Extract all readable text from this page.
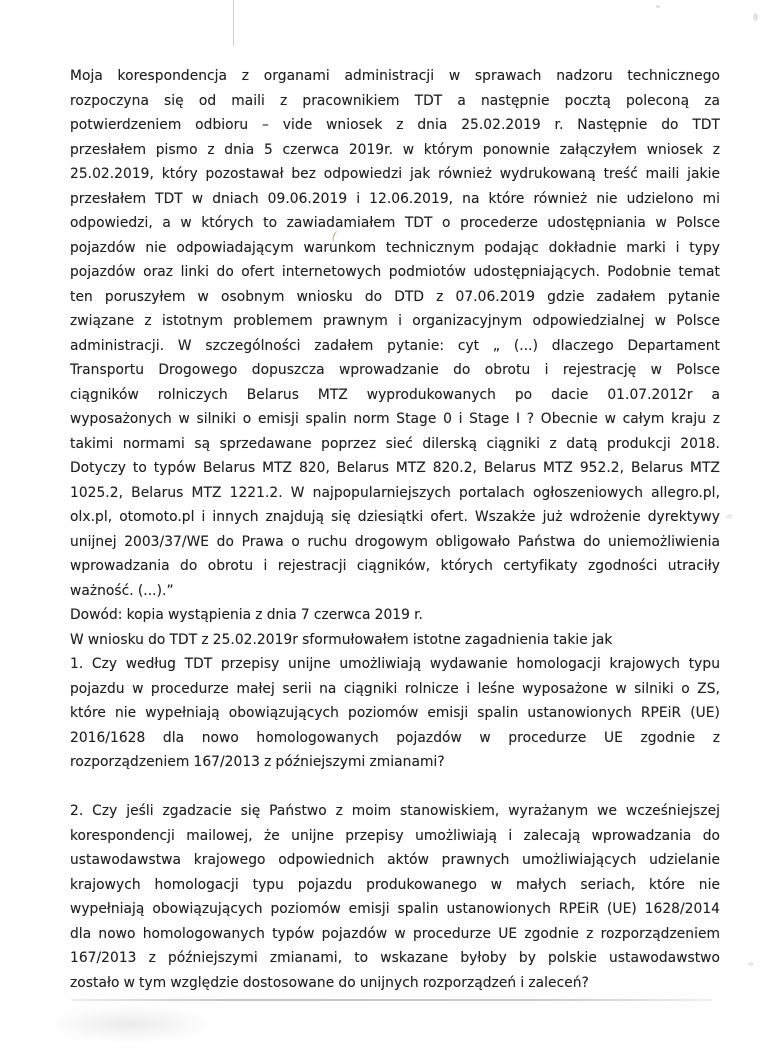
Moja korespondencja z organami administracji w sprawach nadzoru technicznego
rozpoczyna się od maili z pracownikiem TDT a następnie pocztą poleconą za
potwierdzeniem odbioru – vide wniosek z dnia 25.02.2019 r. Następnie do TDT
przesłałem pismo z dnia 5 czerwca 2019r. w którym ponownie załączyłem wniosek z
25.02.2019, który pozostawał bez odpowiedzi jak również wydrukowaną treść maili jakie
przesłałem TDT w dniach 09.06.2019 i 12.06.2019, na które również nie udzielono mi
odpowiedzi, a w których to zawiadamiałem TDT o procederze udostępniania w Polsce
pojazdów nie odpowiadającym warunkom technicznym podając dokładnie marki i typy
pojazdów oraz linki do ofert internetowych podmiotów udostępniających. Podobnie temat
ten poruszyłem w osobnym wniosku do DTD z 07.06.2019 gdzie zadałem pytanie
związane z istotnym problemem prawnym i organizacyjnym odpowiedzialnej w Polsce
administracji. W szczególności zadałem pytanie: cyt „ (...) dlaczego Departament
Transportu Drogowego dopuszcza wprowadzanie do obrotu i rejestrację w Polsce
ciągników rolniczych Belarus MTZ wyprodukowanych po dacie 01.07.2012r a
wyposażonych w silniki o emisji spalin norm Stage 0 i Stage I ? Obecnie w całym kraju z
takimi normami są sprzedawane poprzez sieć dilerską ciągniki z datą produkcji 2018.
Dotyczy to typów Belarus MTZ 820, Belarus MTZ 820.2, Belarus MTZ 952.2, Belarus MTZ
1025.2, Belarus MTZ 1221.2. W najpopularniejszych portalach ogłoszeniowych allegro.pl,
olx.pl, otomoto.pl i innych znajdują się dziesiątki ofert. Wszakże już wdrożenie dyrektywy
unijnej 2003/37/WE do Prawa o ruchu drogowym obligowało Państwa do uniemożliwienia
wprowadzania do obrotu i rejestracji ciągników, których certyfikaty zgodności utraciły
ważność. (...).”
Dowód: kopia wystąpienia z dnia 7 czerwca 2019 r.
W wniosku do TDT z 25.02.2019r sformułowałem istotne zagadnienia takie jak
1. Czy według TDT przepisy unijne umożliwiają wydawanie homologacji krajowych typu
pojazdu w procedurze małej serii na ciągniki rolnicze i leśne wyposażone w silniki o ZS,
które nie wypełniają obowiązujących poziomów emisji spalin ustanowionych RPEiR (UE)
2016/1628 dla nowo homologowanych pojazdów w procedurze UE zgodnie z
rozporządzeniem 167/2013 z późniejszymi zmianami?
2. Czy jeśli zgadzacie się Państwo z moim stanowiskiem, wyrażanym we wcześniejszej
korespondencji mailowej, że unijne przepisy umożliwiają i zalecają wprowadzania do
ustawodawstwa krajowego odpowiednich aktów prawnych umożliwiających udzielanie
krajowych homologacji typu pojazdu produkowanego w małych seriach, które nie
wypełniają obowiązujących poziomów emisji spalin ustanowionych RPEiR (UE) 1628/2014
dla nowo homologowanych typów pojazdów w procedurze UE zgodnie z rozporządzeniem
167/2013 z późniejszymi zmianami, to wskazane byłoby by polskie ustawodawstwo
zostało w tym względzie dostosowane do unijnych rozporządzeń i zaleceń?
